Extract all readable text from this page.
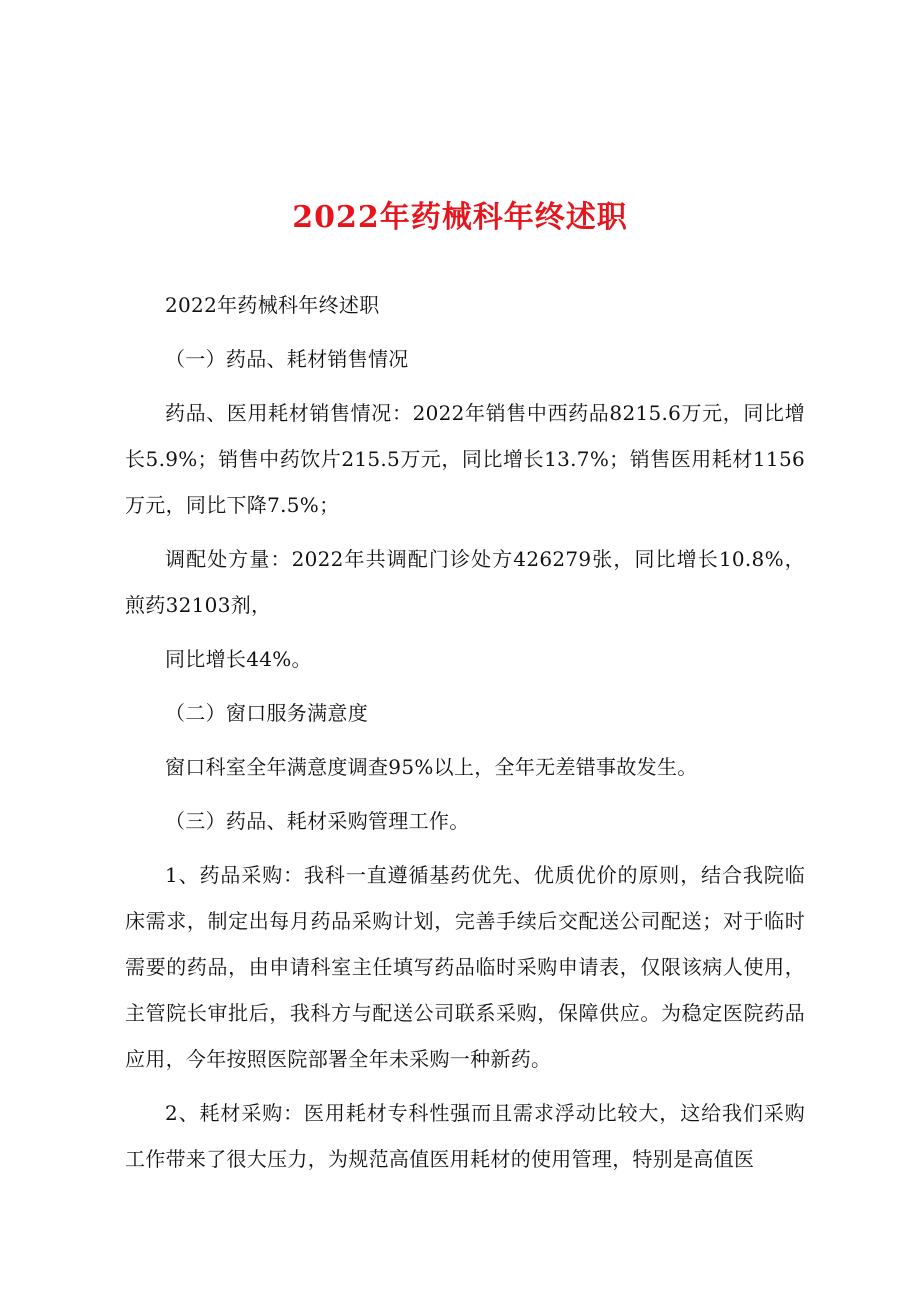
2022年药械科年终述职

2022年药械科年终述职

（一）药品、耗材销售情况

药品、医用耗材销售情况：2022年销售中西药品8215.6万元，同比增长5.9%；销售中药饮片215.5万元，同比增长13.7%；销售医用耗材1156万元，同比下降7.5%；

调配处方量：2022年共调配门诊处方426279张，同比增长10.8%，煎药32103剂，

同比增长44%。

（二）窗口服务满意度

窗口科室全年满意度调查95%以上，全年无差错事故发生。

（三）药品、耗材采购管理工作。

1、药品采购：我科一直遵循基药优先、优质优价的原则，结合我院临床需求，制定出每月药品采购计划，完善手续后交配送公司配送；对于临时需要的药品，由申请科室主任填写药品临时采购申请表，仅限该病人使用，主管院长审批后，我科方与配送公司联系采购，保障供应。为稳定医院药品应用，今年按照医院部署全年未采购一种新药。

2、耗材采购：医用耗材专科性强而且需求浮动比较大，这给我们采购工作带来了很大压力，为规范高值医用耗材的使用管理，特别是高值医
